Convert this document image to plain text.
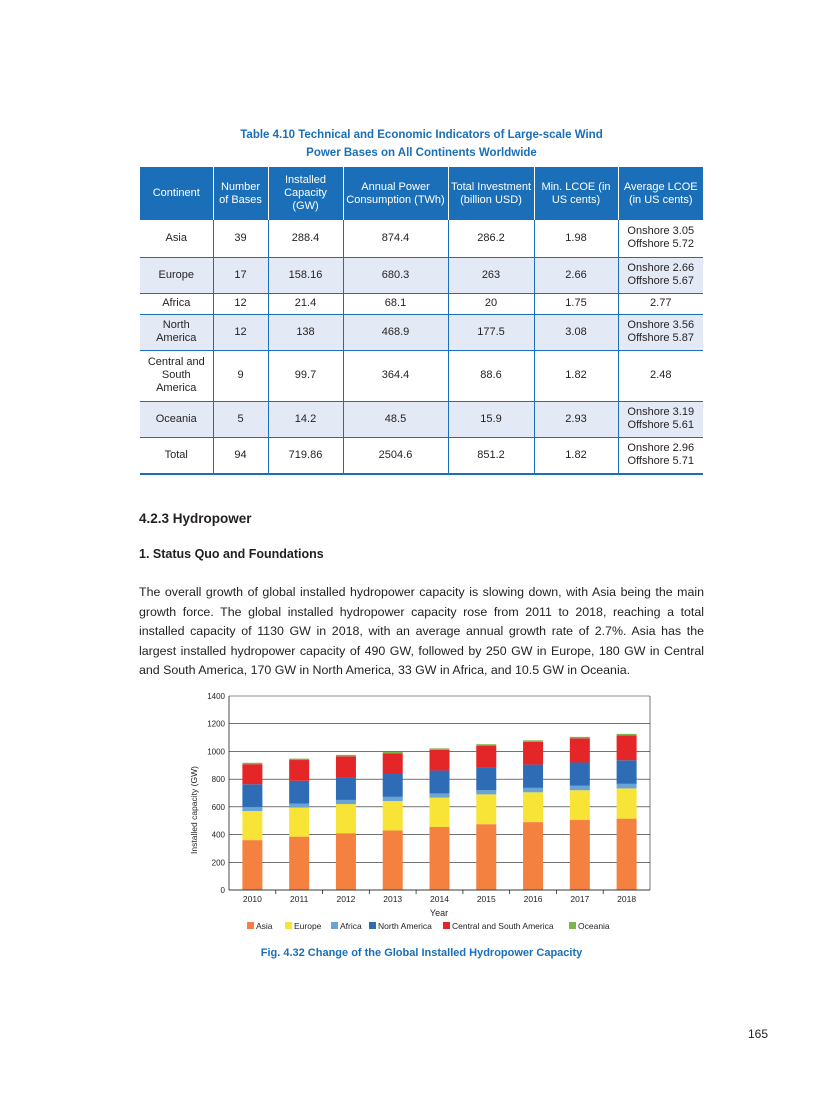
Table 4.10 Technical and Economic Indicators of Large-scale Wind
Power Bases on All Continents Worldwide
Continent	Number of Bases	Installed Capacity (GW)	Annual Power Consumption (TWh)	Total Investment (billion USD)	Min. LCOE (in US cents)	Average LCOE (in US cents)
Asia	39	288.4	874.4	286.2	1.98	Onshore 3.05
Offshore 5.72

Europe	17	158.16	680.3	263	2.66	Onshore 2.66
Offshore 5.67

Africa	12	21.4	68.1	20	1.75	2.77
North America	12	138	468.9	177.5	3.08	Onshore 3.56
Offshore 5.87

Central and South America	9	99.7	364.4	88.6	1.82	2.48
Oceania	5	14.2	48.5	15.9	2.93	Onshore 3.19
Offshore 5.61

Total	94	719.86	2504.6	851.2	1.82	Onshore 2.96
Offshore 5.71
4.2.3 Hydropower
1. Status Quo and Foundations

The overall growth of global installed hydropower capacity is slowing down, with Asia being the main growth force. The global installed hydropower capacity rose from 2011 to 2018, reaching a total installed capacity of 1130 GW in 2018, with an average annual growth rate of 2.7%. Asia has the largest installed hydropower capacity of 490 GW, followed by 250 GW in Europe, 180 GW in Central and South America, 170 GW in North America, 33 GW in Africa, and 10.5 GW in Oceania.

0
200
400
600
800
1000
1200
1400
2010	2011	2012	2013	2014	2015	2016	2017	2018
Installed capacity (GW)
Year
Asia	Europe Africa North America Central and South America	Oceania
Fig. 4.32 Change of the Global Installed Hydropower Capacity
165
